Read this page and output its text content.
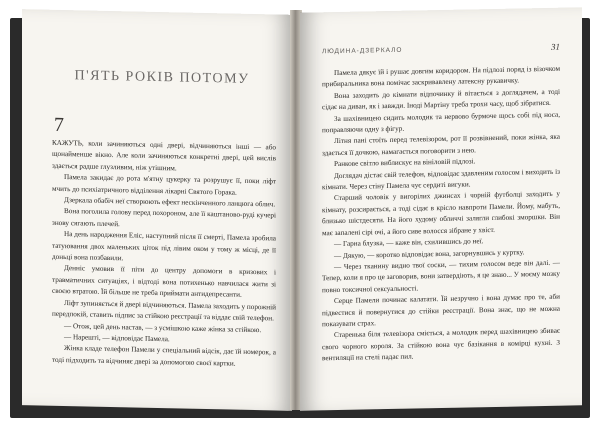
П'ЯТЬ РОКІВ ПОТОМУ
7

КАЖУТЬ, коли зачиняються одні двері, відчиняються інші — або щонайменше вікно. Але коли зачиняються конкретні двері, цей вислів здається радше глузливим, ніж утішним.

Памела закидає до рота м'ятну цукерку та розрушує її, поки ліфт мчить до психіатричного відділення лікарні Святого Горака.

Дзеркала обабіч неї створюють ефект нескінченного ланцюга облич.

Вона поголила голову перед похороном, але її каштаново-руді кучері знову сягають плечей.

На день народження Еліс, наступний після її смерті, Памела зробила татуювання двох маленьких ціток під лівим оком у тому ж місці, де її доньці вона позбавили.

Денніс умовив її піти до центру допомоги в кризових і травматичних ситуаціях, і відтоді вона потихенько навчилася жити зі своєю втратою. Їй більше не треба приймати антидепресанти.

Ліфт зупиняється й двері відчиняються. Памела заходить у порожній передпокій, ставить підпис за стійкою реєстрації та віддає свій телефон.

— Отож, цей день настав, — з усмішкою каже жінка за стійкою.

— Нарешті, — відповідає Памела.

Жінка кладе телефон Памели у спеціальний відсік, дає їй номерок, а тоді підходить та відчиняє двері за допомогою своєї картки.

ЛЮДИНА-ДЗЕРКАЛО	31

Памела дякує їй і рушає довгим коридором. На підлозі поряд із візочком прибиральника вона помічає заскривавлену латексну рукавичку.

Вона заходить до кімнати відпочинку й вітається з доглядачем, а тоді сідає на диван, як і завжди. Іноді Мартіну треба трохи часу, щоб зібратися.

За шахівницею сидить молодик та нервово бурмоче щось собі під носа, поправляючи одну з фігур.

Літня пані стоїть перед телевізором, рот її розвівнений, поки жінка, яка здається її дочкою, намагається поговорити з нею.

Ранкове світло виблискує на вініловій підлозі.

Доглядач дістає свій телефон, відповідає здавленим голосом і виходить із кімнати. Через стіну Памела чує сердиті вигуки.

Старший чоловік у вигорілих джинсах і чорній футболці заходить у кімнату, розсирається, а тоді сідає в крісло навпроти Памели. Йому, мабуть, близько шістдесяти. На його худому обличчі залягли глибокі зморшки. Він має запалені сірі очі, а його сиве волосся зібране у хвіст.

— Гарна блузка, — каже він, схилившись до неї.

— Дякую, — коротко відповідає вона, загорнувшись у куртку.

— Через тканину видно твої соски, — тихим голосом веде він далі. — Тепер, коли я про це заговорив, вони затвердіють, я це знаю... У моєму мозку повно токсичної сексуальності.

Серце Памели починає калатати. Їй незручно і вона думає про те, аби підвестися й повернутися до стійки реєстрації. Вона знає, що не можна показувати страх.

Старенька біля телевізора сміється, а молодик перед шахівницею збиває свого чорного короля. За стійкою вона чує базікання в комірці кухні. З вентиляції на стелі падає пил.
